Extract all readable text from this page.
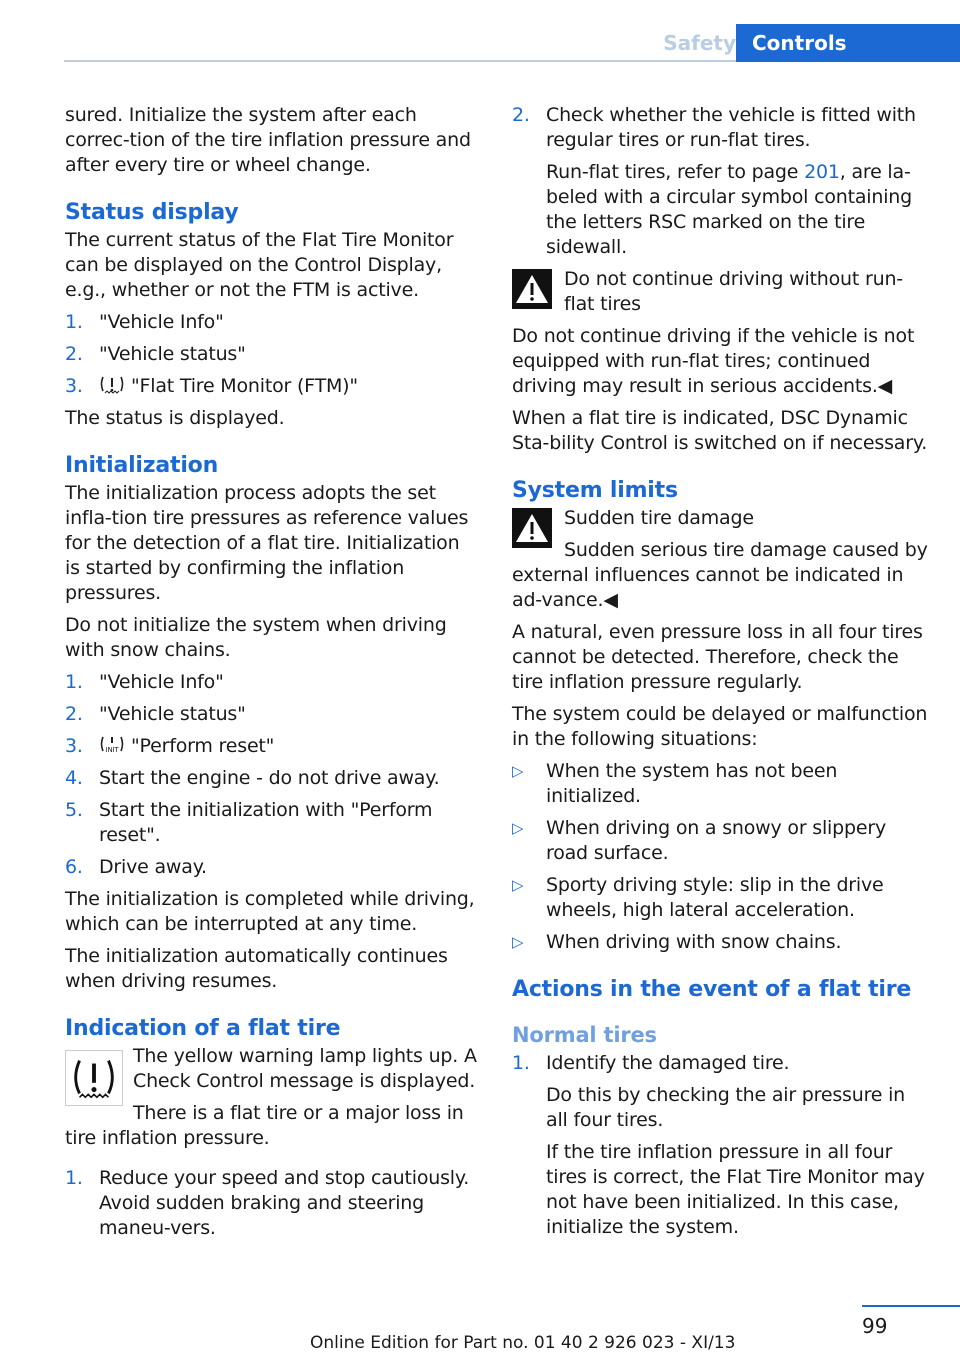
Safety Controls

sured. Initialize the system after each correc-tion of the tire inflation pressure and after every tire or wheel change.

Status display

The current status of the Flat Tire Monitor can be displayed on the Control Display, e.g., whether or not the FTM is active.

1. "Vehicle Info"
2. "Vehicle status"
3.	"Flat Tire Monitor (FTM)"

The status is displayed.

Initialization

The initialization process adopts the set infla-tion tire pressures as reference values for the detection of a flat tire. Initialization is started by confirming the inflation pressures.

Do not initialize the system when driving with snow chains.

1. "Vehicle Info"
2. "Vehicle status"
3.	INIT "Perform reset"
4. Start the engine - do not drive away.
5. Start the initialization with "Perform reset".
6. Drive away.

The initialization is completed while driving, which can be interrupted at any time.

The initialization automatically continues when driving resumes.

Indication of a flat tire

The yellow warning lamp lights up. A Check Control message is displayed.

There is a flat tire or a major loss in tire inflation pressure.

1. Reduce your speed and stop cautiously. Avoid sudden braking and steering maneu-vers.
2. Check whether the vehicle is fitted with regular tires or run-flat tires.

Run-flat tires, refer to page 201, are la-beled with a circular symbol containing the letters RSC marked on the tire sidewall.

Do not continue driving without run-flat tires

Do not continue driving if the vehicle is not equipped with run-flat tires; continued driving may result in serious accidents.◀

When a flat tire is indicated, DSC Dynamic Sta-bility Control is switched on if necessary.

System limits

Sudden tire damage

Sudden serious tire damage caused by external influences cannot be indicated in ad-vance.◀

A natural, even pressure loss in all four tires cannot be detected. Therefore, check the tire inflation pressure regularly.

The system could be delayed or malfunction in the following situations:

▷	When the system has not been initialized.
▷	When driving on a snowy or slippery road surface.
▷	Sporty driving style: slip in the drive wheels, high lateral acceleration.
▷	When driving with snow chains.
Actions in the event of a flat tire
Normal tires
1. Identify the damaged tire.

Do this by checking the air pressure in all four tires.

If the tire inflation pressure in all four tires is correct, the Flat Tire Monitor may not have been initialized. In this case, initialize the system.

99
Online Edition for Part no. 01 40 2 926 023 - XI/13
